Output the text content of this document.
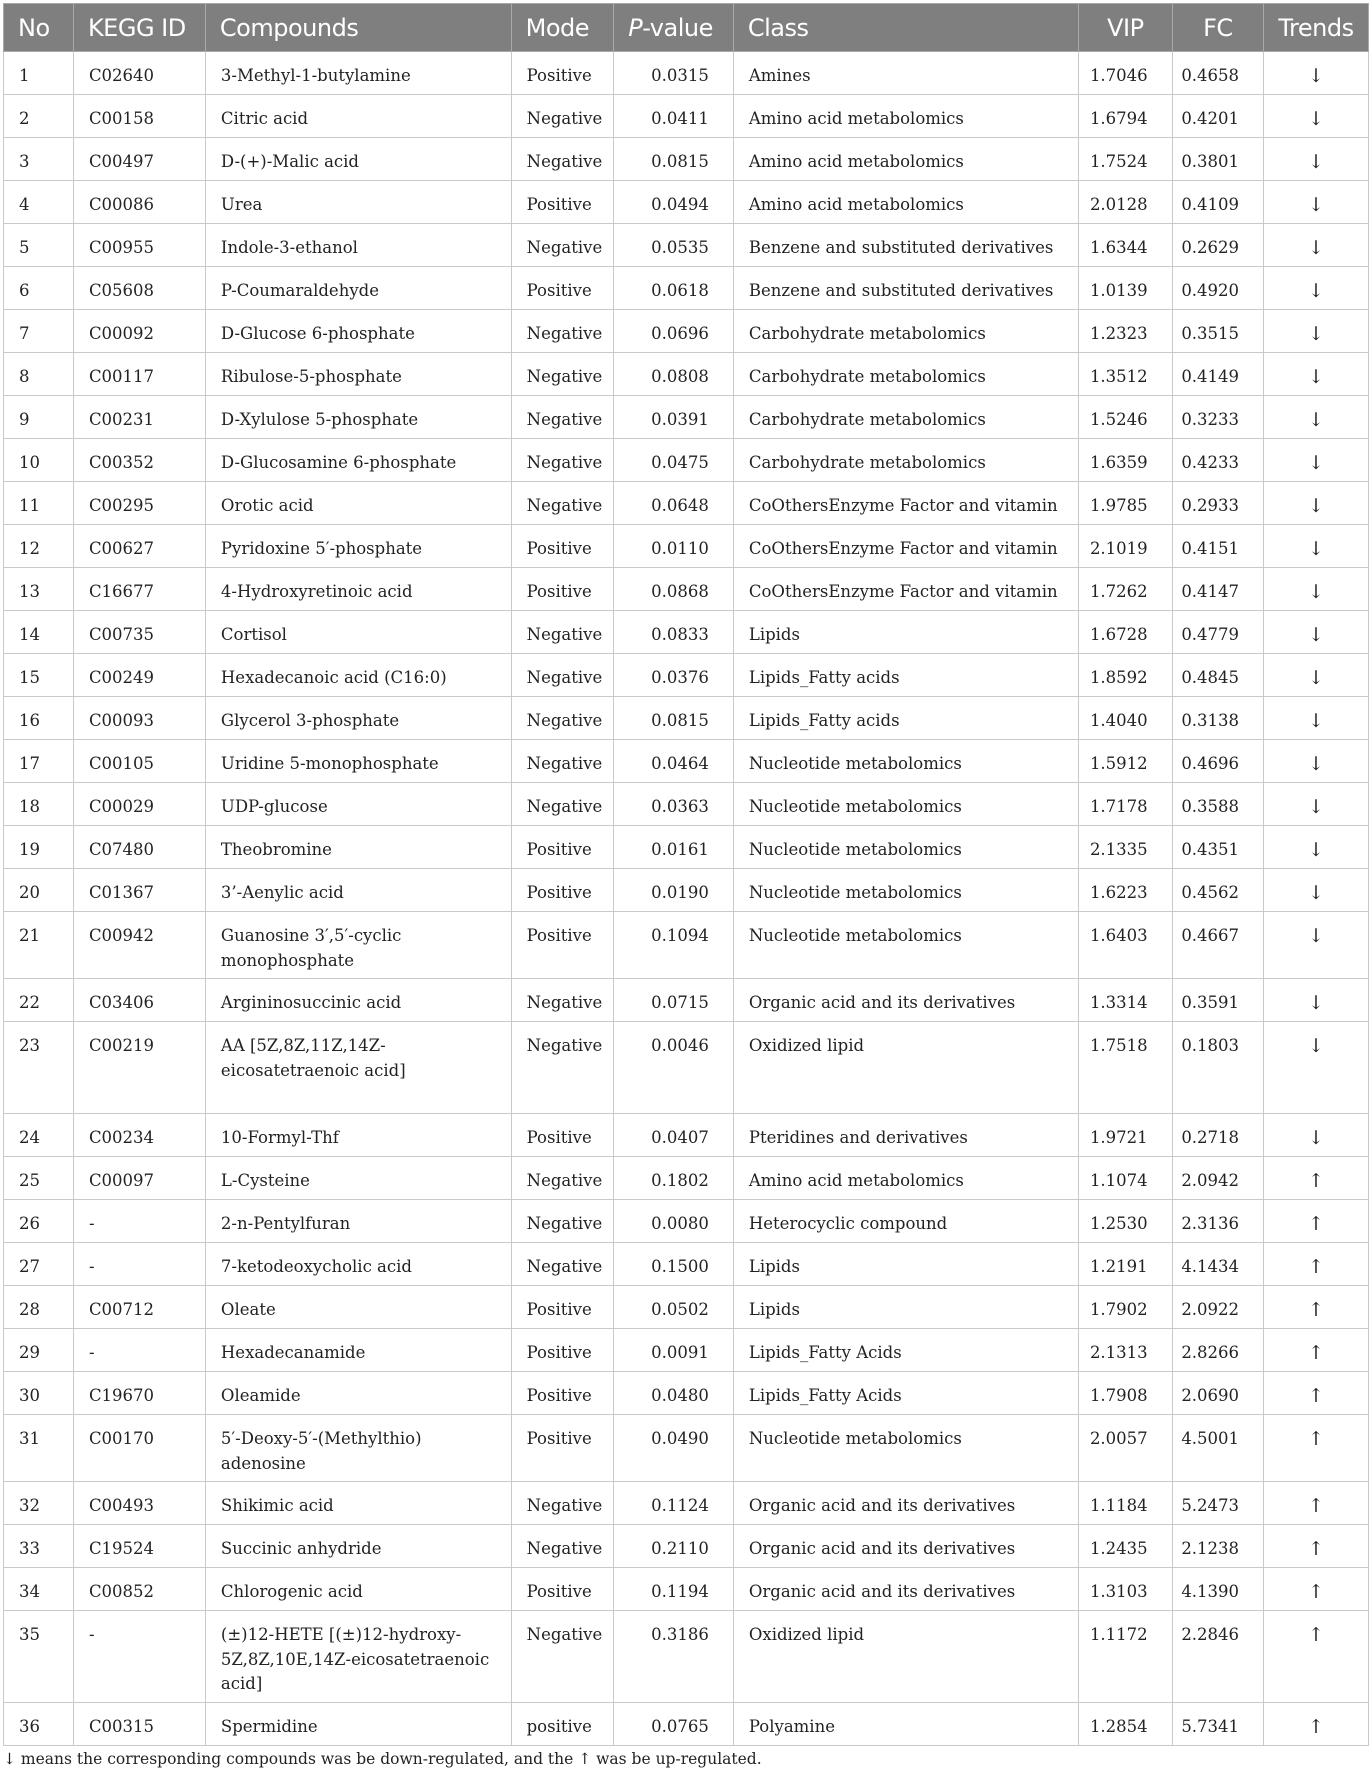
No	KEGG ID	Compounds	Mode	P-value	Class	VIP	FC	Trends
1	C02640	3-Methyl-1-butylamine	Positive	0.0315	Amines	1.7046	0.4658	↓
2	C00158	Citric acid	Negative	0.0411	Amino acid metabolomics	1.6794	0.4201	↓
3	C00497	D-(+)-Malic acid	Negative	0.0815	Amino acid metabolomics	1.7524	0.3801	↓
4	C00086	Urea	Positive	0.0494	Amino acid metabolomics	2.0128	0.4109	↓
5	C00955	Indole-3-ethanol	Negative	0.0535	Benzene and substituted derivatives	1.6344	0.2629	↓
6	C05608	P-Coumaraldehyde	Positive	0.0618	Benzene and substituted derivatives	1.0139	0.4920	↓
7	C00092	D-Glucose 6-phosphate	Negative	0.0696	Carbohydrate metabolomics	1.2323	0.3515	↓
8	C00117	Ribulose-5-phosphate	Negative	0.0808	Carbohydrate metabolomics	1.3512	0.4149	↓
9	C00231	D-Xylulose 5-phosphate	Negative	0.0391	Carbohydrate metabolomics	1.5246	0.3233	↓
10	C00352	D-Glucosamine 6-phosphate	Negative	0.0475	Carbohydrate metabolomics	1.6359	0.4233	↓
11	C00295	Orotic acid	Negative	0.0648	CoOthersEnzyme Factor and vitamin	1.9785	0.2933	↓
12	C00627	Pyridoxine 5′-phosphate	Positive	0.0110	CoOthersEnzyme Factor and vitamin	2.1019	0.4151	↓
13	C16677	4-Hydroxyretinoic acid	Positive	0.0868	CoOthersEnzyme Factor and vitamin	1.7262	0.4147	↓
14	C00735	Cortisol	Negative	0.0833	Lipids	1.6728	0.4779	↓
15	C00249	Hexadecanoic acid (C16:0)	Negative	0.0376	Lipids_Fatty acids	1.8592	0.4845	↓
16	C00093	Glycerol 3-phosphate	Negative	0.0815	Lipids_Fatty acids	1.4040	0.3138	↓
17	C00105	Uridine 5-monophosphate	Negative	0.0464	Nucleotide metabolomics	1.5912	0.4696	↓
18	C00029	UDP-glucose	Negative	0.0363	Nucleotide metabolomics	1.7178	0.3588	↓
19	C07480	Theobromine	Positive	0.0161	Nucleotide metabolomics	2.1335	0.4351	↓
20	C01367	3’-Aenylic acid	Positive	0.0190	Nucleotide metabolomics	1.6223	0.4562	↓
21	C00942	Guanosine 3′,5′-cyclic monophosphate	Positive	0.1094	Nucleotide metabolomics	1.6403	0.4667	↓
22	C03406	Argininosuccinic acid	Negative	0.0715	Organic acid and its derivatives	1.3314	0.3591	↓
23	C00219	AA [5Z,8Z,11Z,14Z-eicosatetraenoic acid]	Negative	0.0046	Oxidized lipid	1.7518	0.1803	↓
24	C00234	10-Formyl-Thf	Positive	0.0407	Pteridines and derivatives	1.9721	0.2718	↓
25	C00097	L-Cysteine	Negative	0.1802	Amino acid metabolomics	1.1074	2.0942	↑
26	-	2-n-Pentylfuran	Negative	0.0080	Heterocyclic compound	1.2530	2.3136	↑
27	-	7-ketodeoxycholic acid	Negative	0.1500	Lipids	1.2191	4.1434	↑
28	C00712	Oleate	Positive	0.0502	Lipids	1.7902	2.0922	↑
29	-	Hexadecanamide	Positive	0.0091	Lipids_Fatty Acids	2.1313	2.8266	↑
30	C19670	Oleamide	Positive	0.0480	Lipids_Fatty Acids	1.7908	2.0690	↑
31	C00170	5′-Deoxy-5′-(Methylthio) adenosine	Positive	0.0490	Nucleotide metabolomics	2.0057	4.5001	↑
32	C00493	Shikimic acid	Negative	0.1124	Organic acid and its derivatives	1.1184	5.2473	↑
33	C19524	Succinic anhydride	Negative	0.2110	Organic acid and its derivatives	1.2435	2.1238	↑
34	C00852	Chlorogenic acid	Positive	0.1194	Organic acid and its derivatives	1.3103	4.1390	↑
35	-	(±)12-HETE [(±)12-hydroxy-5Z,8Z,10E,14Z-eicosatetraenoic acid]	Negative	0.3186	Oxidized lipid	1.1172	2.2846	↑
36	C00315	Spermidine	positive	0.0765	Polyamine	1.2854	5.7341	↑
↓ means the corresponding compounds was be down-regulated, and the ↑ was be up-regulated.
